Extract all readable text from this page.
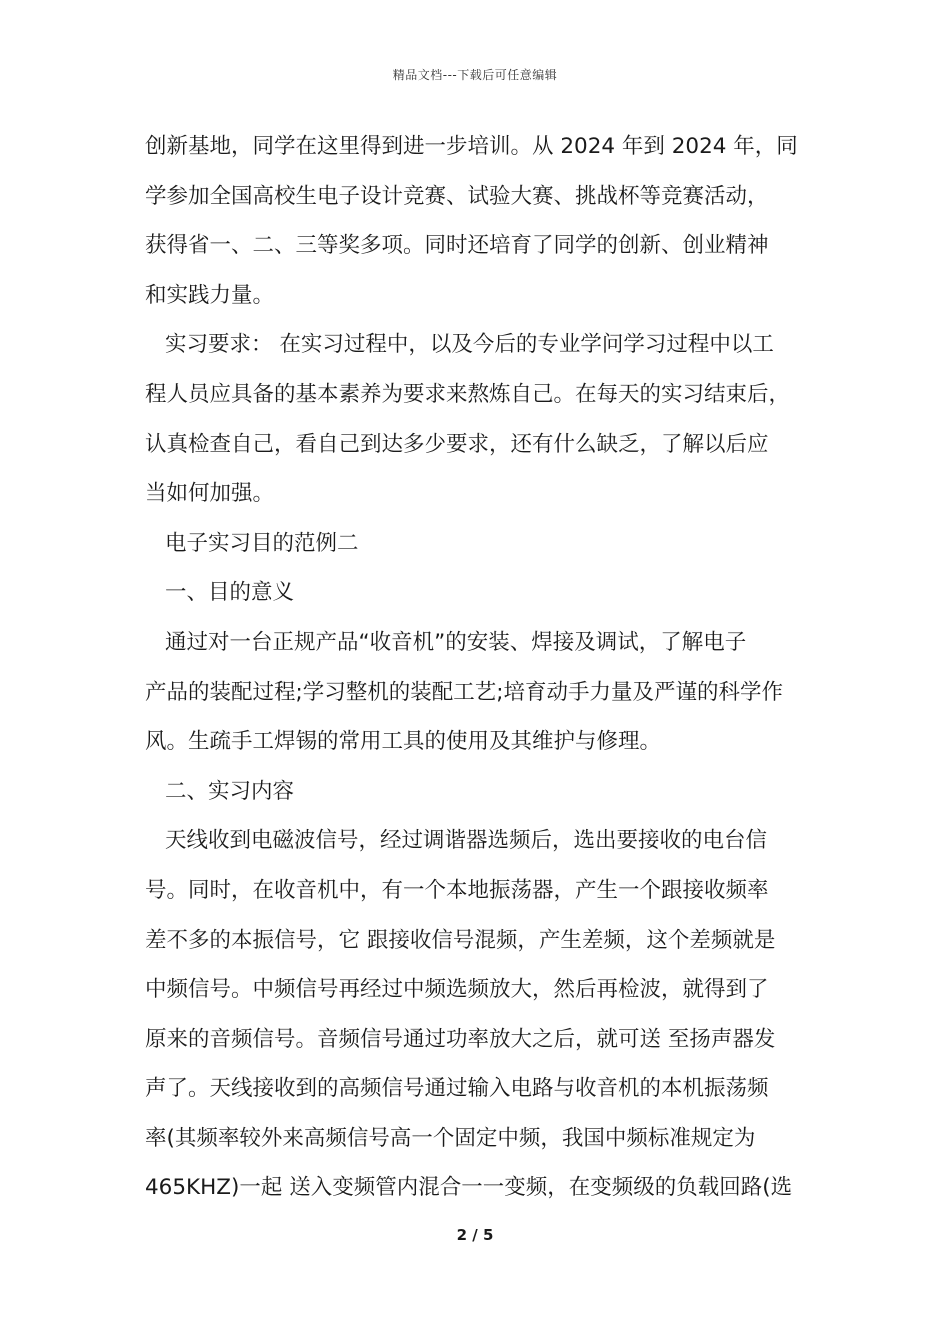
精品文档---下载后可任意编辑
创新基地，同学在这里得到进一步培训。从 2024 年到 2024 年，同
学参加全国高校生电子设计竞赛、试验大赛、挑战杯等竞赛活动，
获得省一、二、三等奖多项。同时还培育了同学的创新、创业精神
和实践力量。
实习要求： 在实习过程中，以及今后的专业学问学习过程中以工
程人员应具备的基本素养为要求来熬炼自己。在每天的实习结束后，
认真检查自己，看自己到达多少要求，还有什么缺乏，了解以后应
当如何加强。
电子实习目的范例二
一、目的意义
通过对一台正规产品“收音机”的安装、焊接及调试，了解电子
产品的装配过程;学习整机的装配工艺;培育动手力量及严谨的科学作
风。生疏手工焊锡的常用工具的使用及其维护与修理。
二、实习内容
天线收到电磁波信号，经过调谐器选频后，选出要接收的电台信
号。同时，在收音机中，有一个本地振荡器，产生一个跟接收频率
差不多的本振信号，它 跟接收信号混频，产生差频，这个差频就是
中频信号。中频信号再经过中频选频放大，然后再检波，就得到了
原来的音频信号。音频信号通过功率放大之后，就可送 至扬声器发
声了。天线接收到的高频信号通过输入电路与收音机的本机振荡频
率(其频率较外来高频信号高一个固定中频，我国中频标准规定为
465KHZ)一起 送入变频管内混合一一变频，在变频级的负载回路(选
2 / 5
